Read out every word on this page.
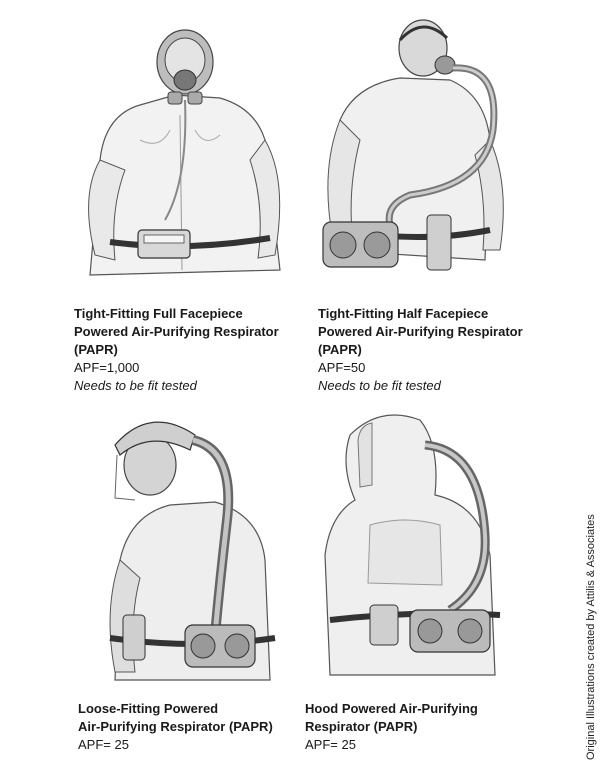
Tight-Fitting Full Facepiece
Powered Air-Purifying Respirator
(PAPR)
APF=1,000
Needs to be fit tested
Tight-Fitting Half Facepiece
Powered Air-Purifying Respirator
(PAPR)
APF=50
Needs to be fit tested
Loose-Fitting Powered
Air-Purifying Respirator (PAPR)
APF= 25
Hood Powered Air-Purifying
Respirator (PAPR)
APF= 25	Original Illustrations created by Attilis & Associates
